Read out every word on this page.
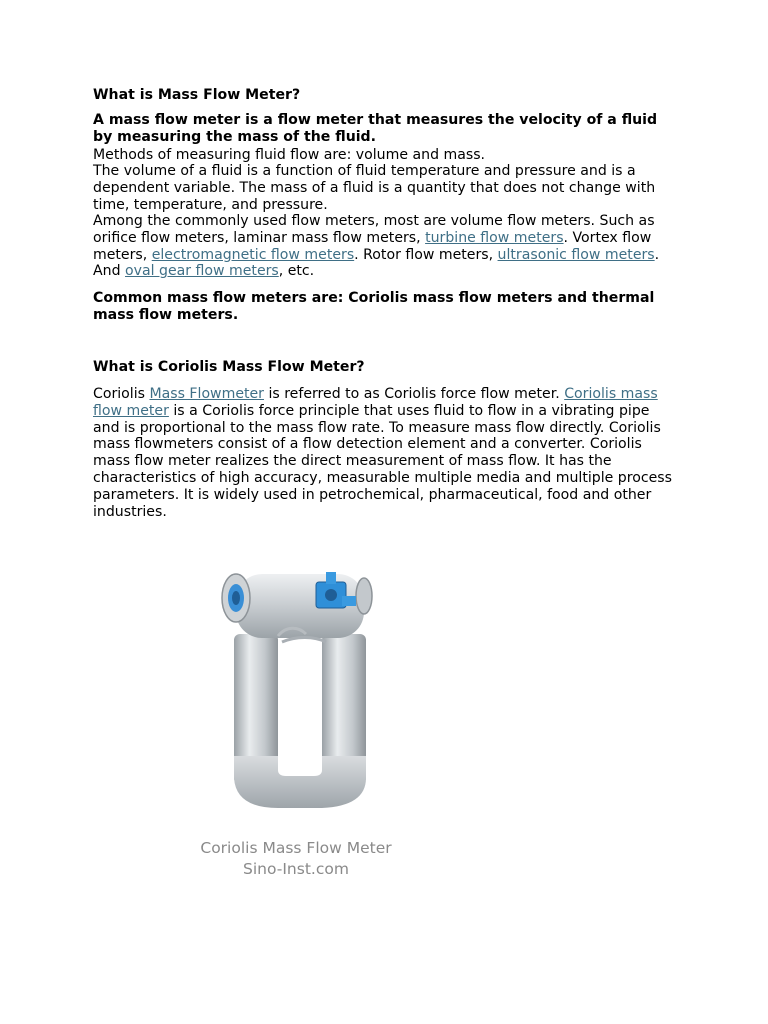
What is Mass Flow Meter?

A mass flow meter is a flow meter that measures the velocity of a fluid by measuring the mass of the fluid.

Methods of measuring fluid flow are: volume and mass.

The volume of a fluid is a function of fluid temperature and pressure and is a dependent variable. The mass of a fluid is a quantity that does not change with time, temperature, and pressure.

Among the commonly used flow meters, most are volume flow meters. Such as orifice flow meters, laminar mass flow meters, turbine flow meters. Vortex flow meters, electromagnetic flow meters. Rotor flow meters, ultrasonic flow meters. And oval gear flow meters, etc.

Common mass flow meters are: Coriolis mass flow meters and thermal mass flow meters.

What is Coriolis Mass Flow Meter?

Coriolis Mass Flowmeter is referred to as Coriolis force flow meter. Coriolis mass flow meter is a Coriolis force principle that uses fluid to flow in a vibrating pipe and is proportional to the mass flow rate. To measure mass flow directly. Coriolis mass flowmeters consist of a flow detection element and a converter. Coriolis mass flow meter realizes the direct measurement of mass flow. It has the characteristics of high accuracy, measurable multiple media and multiple process parameters. It is widely used in petrochemical, pharmaceutical, food and other industries.

Coriolis Mass Flow Meter
Sino-Inst.com
